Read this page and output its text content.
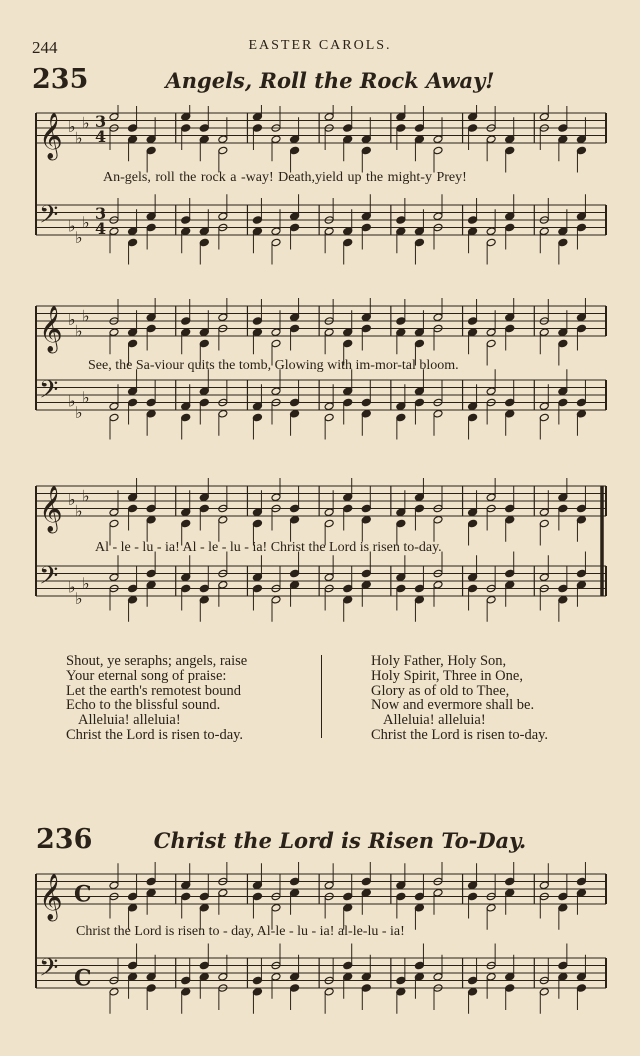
244	EASTER CAROLS.
235	Angels, Roll the Rock Away!
𝄞 ♭
♭
♭ 3
4
𝄢 ♭
♭
♭ 3
4
An-gels, roll the rock a -way! Death,yield up the might-y Prey!
𝄞 ♭
♭
♭
𝄢 ♭
♭
♭
See, the Sa-viour quits the tomb, Glowing with im-mor-tal bloom.
𝄞 ♭
♭
♭
𝄢 ♭
♭
♭
Al - le - lu - ia! Al - le - lu - ia! Christ the Lord is risen to-day.
Shout, ye seraphs; angels, raise
Your eternal song of praise:
Let the earth's remotest bound
Echo to the blissful sound.
Alleluia! alleluia!
Christ the Lord is risen to-day.
Holy Father, Holy Son,
Holy Spirit, Three in One,
Glory as of old to Thee,
Now and evermore shall be.
Alleluia! alleluia!
Christ the Lord is risen to-day.
236	Christ the Lord is Risen To-Day.
𝄞 C
𝄢 C
Christ the Lord is risen to - day, Al-le - lu - ia! al-le-lu - ia!
